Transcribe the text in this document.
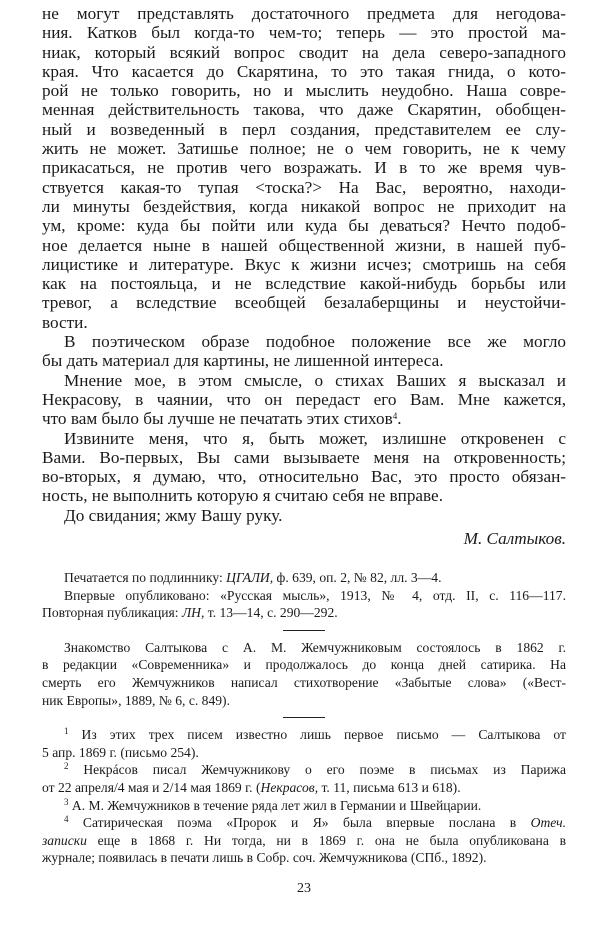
не могут представлять достаточного предмета для негодова-
ния. Катков был когда-то чем-то; теперь — это простой ма-
ниак, который всякий вопрос сводит на дела северо-западного
края. Что касается до Скарятина, то это такая гнида, о кото-
рой не только говорить, но и мыслить неудобно. Наша совре-
менная действительность такова, что даже Скарятин, обобщен-
ный и возведенный в перл создания, представителем ее слу-
жить не может. Затишье полное; не о чем говорить, не к чему
прикасаться, не против чего возражать. И в то же время чув-
ствуется какая-то тупая <тоска?> На Вас, вероятно, находи-
ли минуты бездействия, когда никакой вопрос не приходит на
ум, кроме: куда бы пойти или куда бы деваться? Нечто подоб-
ное делается ныне в нашей общественной жизни, в нашей пуб-
лицистике и литературе. Вкус к жизни исчез; смотришь на себя
как на постояльца, и не вследствие какой-нибудь борьбы или
тревог, а вследствие всеобщей безалаберщины и неустойчи-
вости.
В поэтическом образе подобное положение все же могло
бы дать материал для картины, не лишенной интереса.
Мнение мое, в этом смысле, о стихах Ваших я высказал и
Некрасову, в чаянии, что он передаст его Вам. Мне кажется,
что вам было бы лучше не печатать этих стихов$^4$.
Извините меня, что я, быть может, излишне откровенен с
Вами. Во-первых, Вы сами вызываете меня на откровенность;
во-вторых, я думаю, что, относительно Вас, это просто обязан-
ность, не выполнить которую я считаю себя не вправе.
До свидания; жму Вашу руку.
М. Салтыков.
Печатается по подлиннику: ЦГАЛИ, ф. 639, оп. 2, № 82, лл. 3—4.
Впервые опубликовано: «Русская мысль», 1913, № 4, отд. II, с. 116—117.
Повторная публикация: ЛН, т. 13—14, с. 290—292.
Знакомство Салтыкова с А. М. Жемчужниковым состоялось в 1862 г.
в редакции «Современника» и продолжалось до конца дней сатирика. На
смерть его Жемчужников написал стихотворение «Забытые слова» («Вест-
ник Европы», 1889, № 6, с. 849).
$^1$ Из этих трех писем известно лишь первое письмо — Салтыкова от
5 апр. 1869 г. (письмо 254).
$^2$ Некрáсов писал Жемчужникову о его поэме в письмах из Парижа
от 22 апреля/4 мая и 2/14 мая 1869 г. (Некрасов, т. 11, письма 613 и 618).
$^3$ А. М. Жемчужников в течение ряда лет жил в Германии и Швейцарии.
$^4$ Сатирическая поэма «Пророк и Я» была впервые послана в Отеч.
записки еще в 1868 г. Ни тогда, ни в 1869 г. она не была опубликована в
журнале; появилась в печати лишь в Собр. соч. Жемчужникова (СПб., 1892).
23
